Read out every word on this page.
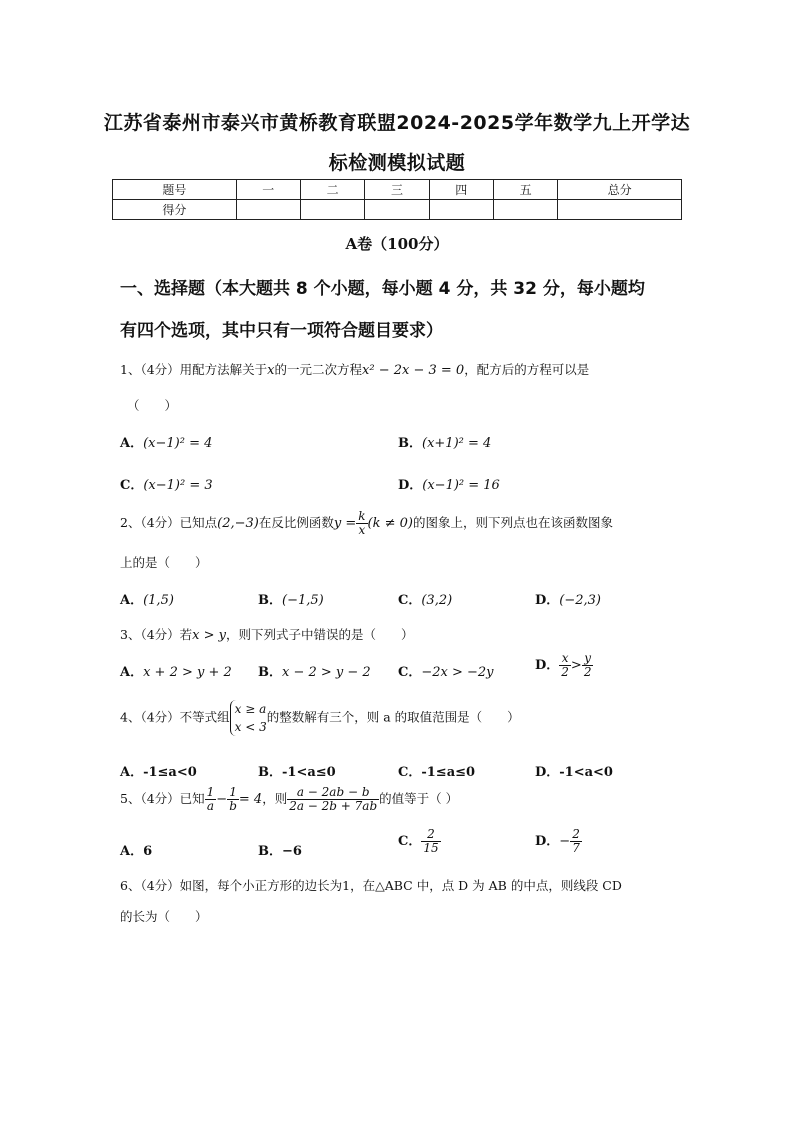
江苏省泰州市泰兴市黄桥教育联盟2024-2025学年数学九上开学达
标检测模拟试题
题号	一	二	三	四	五	总分
得分						
A卷（100分）
一、选择题（本大题共 8 个小题，每小题 4 分，共 32 分，每小题均
有四个选项，其中只有一项符合题目要求）
1、（4分）用配方法解关于x的一元二次方程x² − 2x − 3 = 0，配方后的方程可以是
（　　）
A．(x−1)² = 4	B．(x+1)² = 4
C．(x−1)² = 3	D．(x−1)² = 16
2、（4分）已知点(2,−3)在反比例函数$y = \frac{k}{x} (k \ne 0)$的图象上，则下列点也在该函数图象
上的是（　　）
A．(1,5)	B．(−1,5)	C．(3,2)	D．(−2,3)
3、（4分）若x > y，则下列式子中错误的是（　　）
A．x + 2 > y + 2 B．x − 2 > y − 2 C．−2x > −2y	D． $\frac{x}{2} > \frac{y}{2}$
4、（4分）不等式组x ≥ a
x < 3的整数解有三个，则 a 的取值范围是（　　）
A．-1≤a<0	B．-1<a≤0	C．-1≤a≤0	D．-1<a<0
5、（4分）已知 $\frac{1}{a} - \frac{1}{b} = 4$，则 $\frac{a - 2ab - b}{2a - 2b + 7ab}$ 的值等于（ ）
A．6	B．−6
C． $\frac{2}{15}$	D．− $\frac{2}{7}$
6、（4分）如图，每个小正方形的边长为1，在△ABC 中，点 D 为 AB 的中点，则线段 CD
的长为（　　）
